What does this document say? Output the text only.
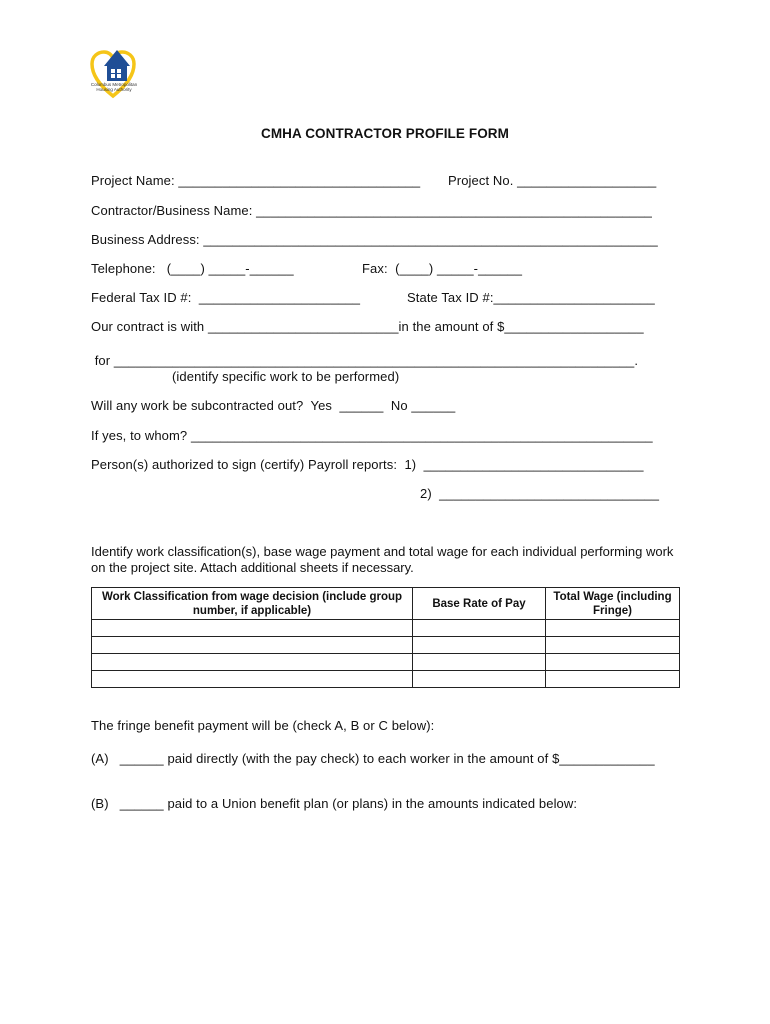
Columbus Metropolitan Housing Authority
CMHA CONTRACTOR PROFILE FORM
Project Name: _________________________________ Project No. ___________________
Contractor/Business Name: ______________________________________________________
Business Address: ______________________________________________________________
Telephone:   (____) _____-______	Fax:  (____) _____-______
Federal Tax ID #:  ______________________	State Tax ID #:______________________
Our contract is with __________________________in the amount of $___________________
for _______________________________________________________________________.
(identify specific work to be performed)
Will any work be subcontracted out?  Yes  ______  No ______
If yes, to whom? _______________________________________________________________
Person(s) authorized to sign (certify) Payroll reports:  1)  ______________________________
2)  ______________________________
Identify work classification(s), base wage payment and total wage for each individual performing work on the project site. Attach additional sheets if necessary.
Work Classification from wage decision (include group number, if applicable)	Base Rate of Pay	Total Wage (including Fringe)

The fringe benefit payment will be (check A, B or C below):
(A)   ______ paid directly (with the pay check) to each worker in the amount of $_____________
(B)   ______ paid to a Union benefit plan (or plans) in the amounts indicated below:
